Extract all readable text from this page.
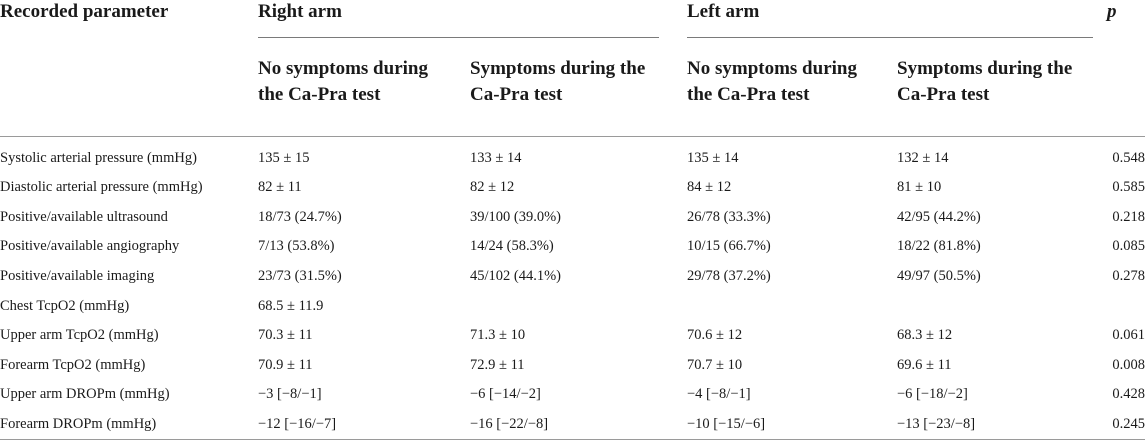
Recorded parameter	Right arm		Left arm		p
	No symptoms during the Ca-Pra test	Symptoms during the Ca-Pra test	No symptoms during the Ca-Pra test	Symptoms during the Ca-Pra test	
Systolic arterial pressure (mmHg)	135 ± 15	133 ± 14	135 ± 14	132 ± 14	0.548
Diastolic arterial pressure (mmHg)	82 ± 11	82 ± 12	84 ± 12	81 ± 10	0.585
Positive/available ultrasound	18/73 (24.7%)	39/100 (39.0%)	26/78 (33.3%)	42/95 (44.2%)	0.218
Positive/available angiography	7/13 (53.8%)	14/24 (58.3%)	10/15 (66.7%)	18/22 (81.8%)	0.085
Positive/available imaging	23/73 (31.5%)	45/102 (44.1%)	29/78 (37.2%)	49/97 (50.5%)	0.278
Chest TcpO2 (mmHg)	68.5 ± 11.9				
Upper arm TcpO2 (mmHg)	70.3 ± 11	71.3 ± 10	70.6 ± 12	68.3 ± 12	0.061
Forearm TcpO2 (mmHg)	70.9 ± 11	72.9 ± 11	70.7 ± 10	69.6 ± 11	0.008
Upper arm DROPm (mmHg)	−3 [−8/−1]	−6 [−14/−2]	−4 [−8/−1]	−6 [−18/−2]	0.428
Forearm DROPm (mmHg)	−12 [−16/−7]	−16 [−22/−8]	−10 [−15/−6]	−13 [−23/−8]	0.245
